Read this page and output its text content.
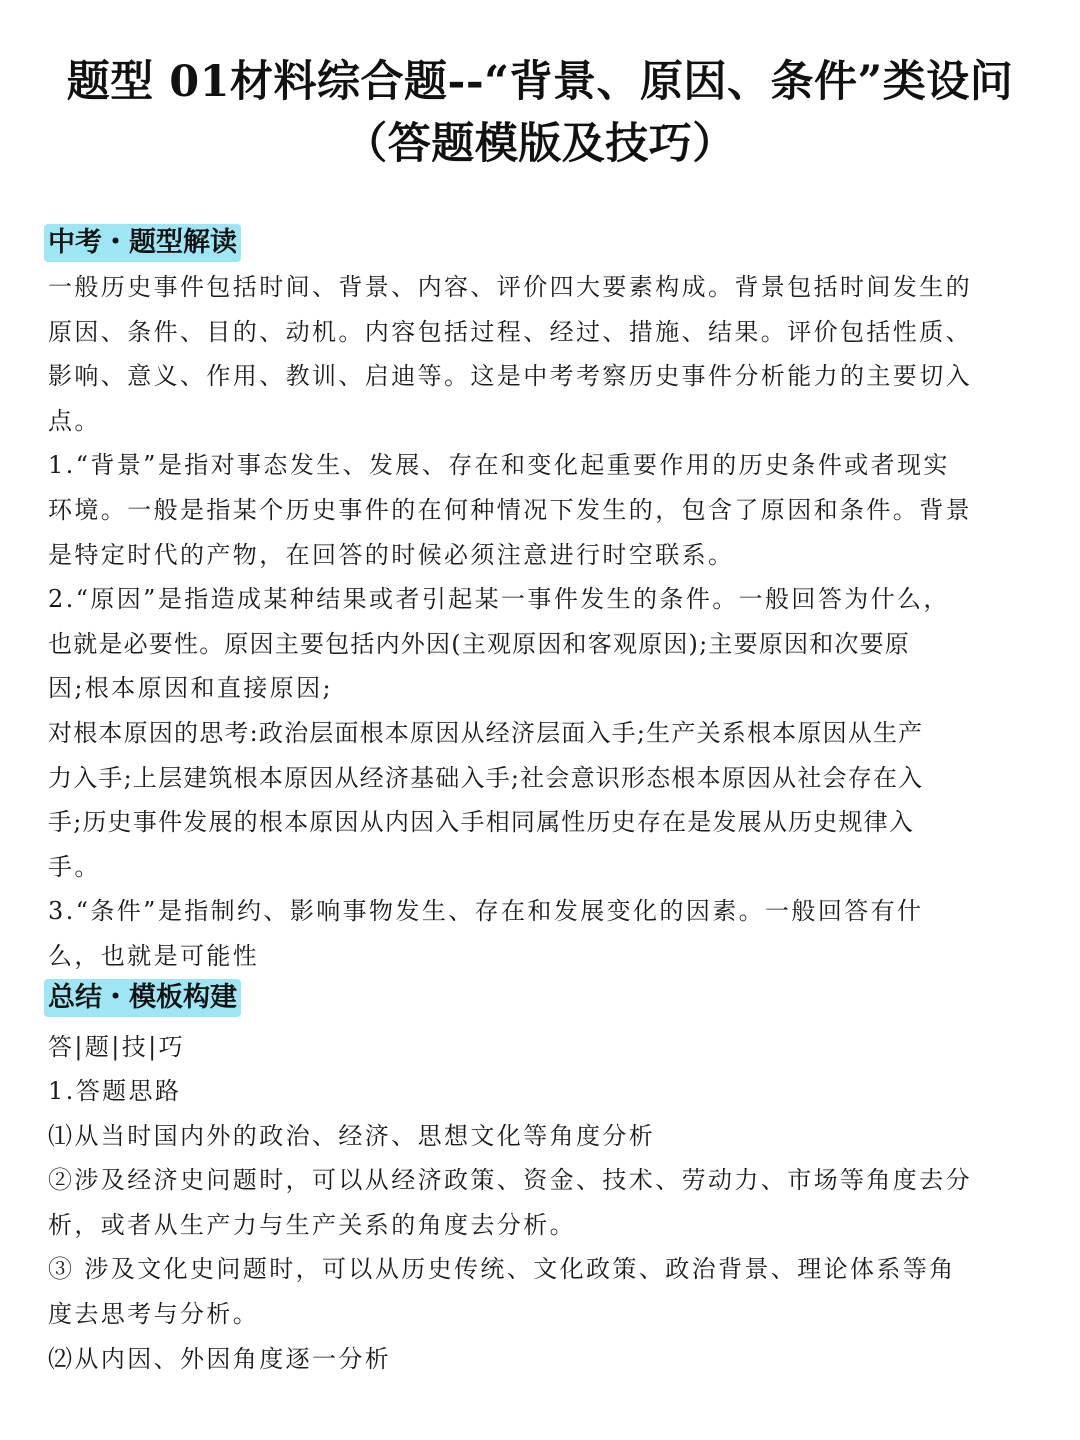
题型 01材料综合题--“背景、原因、条件”类设问
（答题模版及技巧）
中考・题型解读
一般历史事件包括时间、背景、内容、评价四大要素构成。背景包括时间发生的
原因、条件、目的、动机。内容包括过程、经过、措施、结果。评价包括性质、
影响、意义、作用、教训、启迪等。这是中考考察历史事件分析能力的主要切入
点。
1.“背景”是指对事态发生、发展、存在和变化起重要作用的历史条件或者现实
环境。一般是指某个历史事件的在何种情况下发生的，包含了原因和条件。背景
是特定时代的产物，在回答的时候必须注意进行时空联系。
2.“原因”是指造成某种结果或者引起某一事件发生的条件。一般回答为什么，
也就是必要性。原因主要包括内外因(主观原因和客观原因);主要原因和次要原
因;根本原因和直接原因;
对根本原因的思考:政治层面根本原因从经济层面入手;生产关系根本原因从生产
力入手;上层建筑根本原因从经济基础入手;社会意识形态根本原因从社会存在入
手;历史事件发展的根本原因从内因入手相同属性历史存在是发展从历史规律入
手。
3.“条件”是指制约、影响事物发生、存在和发展变化的因素。一般回答有什
么，也就是可能性
总结・模板构建
答|题|技|巧
1.答题思路
⑴从当时国内外的政治、经济、思想文化等角度分析
②涉及经济史问题时，可以从经济政策、资金、技术、劳动力、市场等角度去分
析，或者从生产力与生产关系的角度去分析。
③ 涉及文化史问题时，可以从历史传统、文化政策、政治背景、理论体系等角
度去思考与分析。
⑵从内因、外因角度逐一分析
